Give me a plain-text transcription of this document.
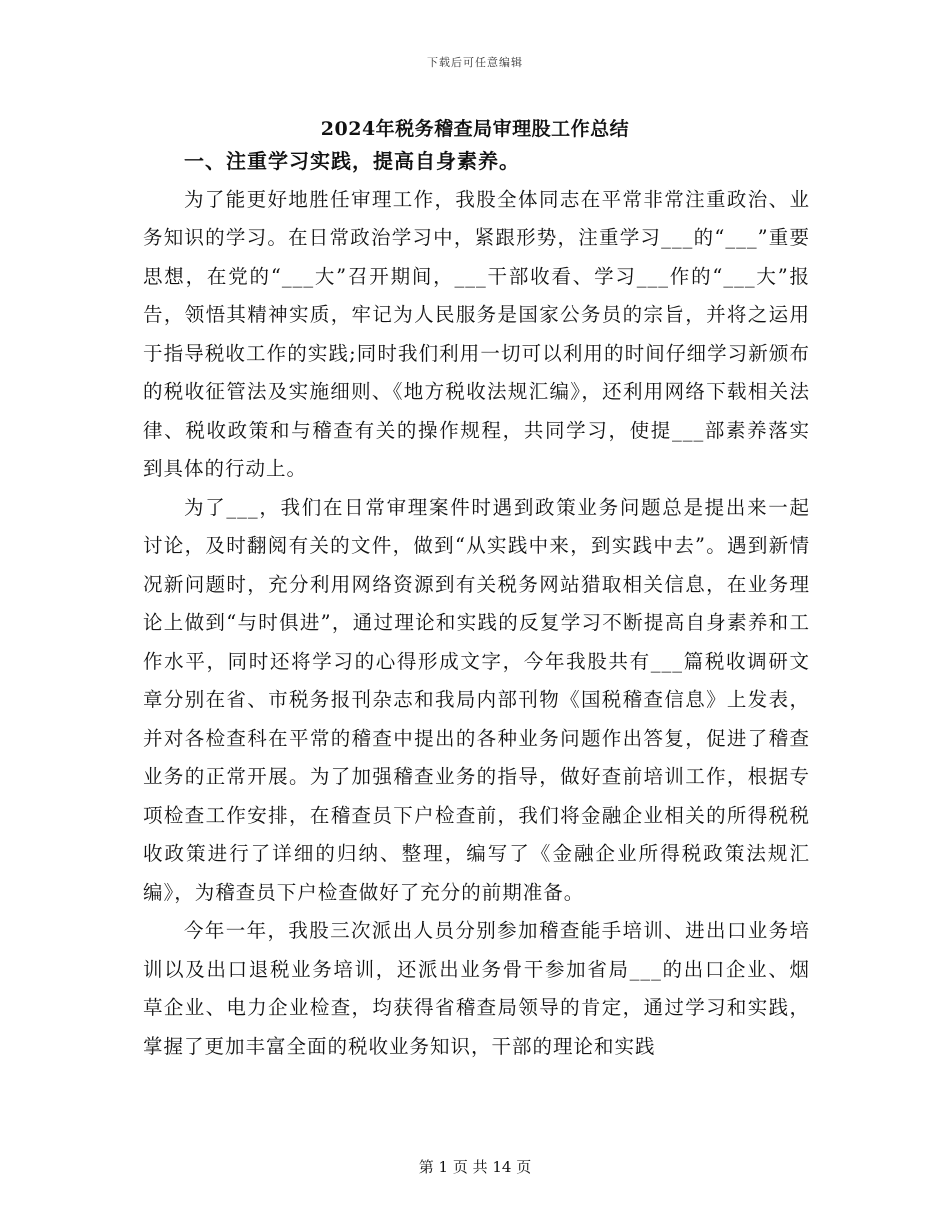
下载后可任意编辑
2024年税务稽查局审理股工作总结

一、注重学习实践，提高自身素养。

为了能更好地胜任审理工作，我股全体同志在平常非常注重政治、业务知识的学习。在日常政治学习中，紧跟形势，注重学习___的“___”重要思想，在党的“___大”召开期间，___干部收看、学习___作的“___大”报告，领悟其精神实质，牢记为人民服务是国家公务员的宗旨，并将之运用于指导税收工作的实践;同时我们利用一切可以利用的时间仔细学习新颁布的税收征管法及实施细则、《地方税收法规汇编》，还利用网络下载相关法律、税收政策和与稽查有关的操作规程，共同学习，使提___部素养落实到具体的行动上。

为了___，我们在日常审理案件时遇到政策业务问题总是提出来一起讨论，及时翻阅有关的文件，做到“从实践中来，到实践中去”。遇到新情况新问题时，充分利用网络资源到有关税务网站猎取相关信息，在业务理论上做到“与时俱进”，通过理论和实践的反复学习不断提高自身素养和工作水平，同时还将学习的心得形成文字，今年我股共有___篇税收调研文章分别在省、市税务报刊杂志和我局内部刊物《国税稽查信息》上发表，并对各检查科在平常的稽查中提出的各种业务问题作出答复，促进了稽查业务的正常开展。为了加强稽查业务的指导，做好查前培训工作，根据专项检查工作安排，在稽查员下户检查前，我们将金融企业相关的所得税税收政策进行了详细的归纳、整理，编写了《金融企业所得税政策法规汇编》，为稽查员下户检查做好了充分的前期准备。

今年一年，我股三次派出人员分别参加稽查能手培训、进出口业务培训以及出口退税业务培训，还派出业务骨干参加省局___的出口企业、烟草企业、电力企业检查，均获得省稽查局领导的肯定，通过学习和实践，掌握了更加丰富全面的税收业务知识，干部的理论和实践

第 1 页 共 14 页
